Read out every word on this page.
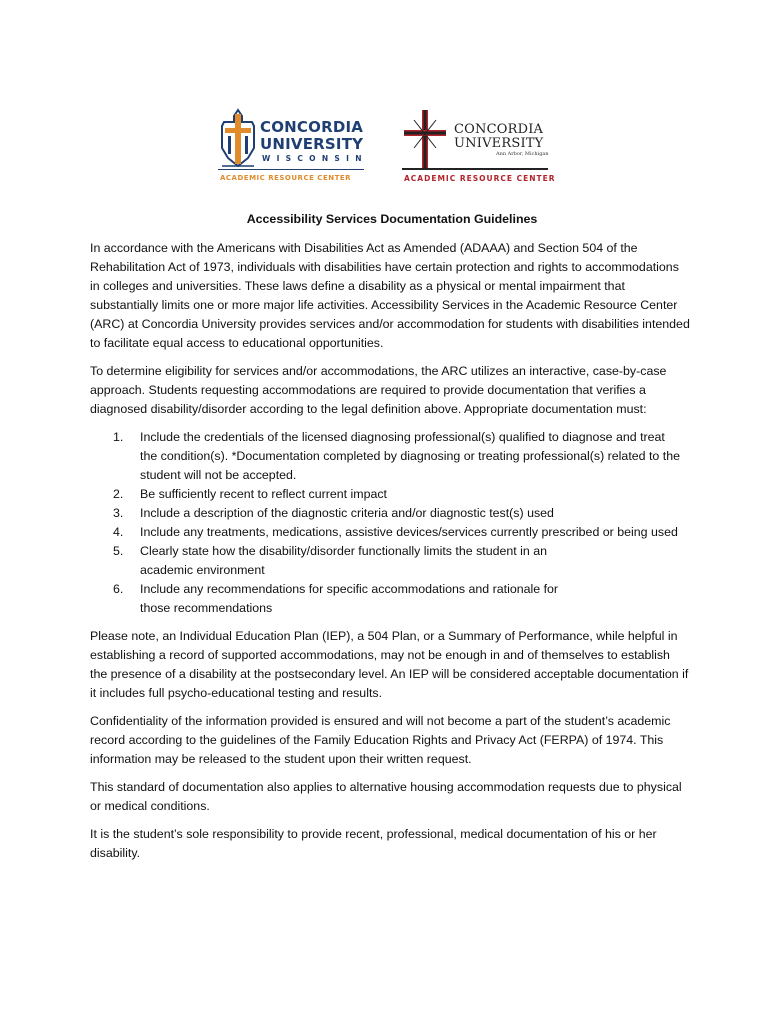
CONCORDIA
UNIVERSITY
WISCONSIN
ACADEMIC RESOURCE CENTER
CONCORDIA
UNIVERSITY
Ann Arbor, Michigan
ACADEMIC RESOURCE CENTER
Accessibility Services Documentation Guidelines

In accordance with the Americans with Disabilities Act as Amended (ADAAA) and Section 504 of the Rehabilitation Act of 1973, individuals with disabilities have certain protection and rights to accommodations in colleges and universities. These laws define a disability as a physical or mental impairment that substantially limits one or more major life activities. Accessibility Services in the Academic Resource Center (ARC) at Concordia University provides services and/or accommodation for students with disabilities intended to facilitate equal access to educational opportunities.

To determine eligibility for services and/or accommodations, the ARC utilizes an interactive, case-by-case approach. Students requesting accommodations are required to provide documentation that verifies a diagnosed disability/disorder according to the legal definition above. Appropriate documentation must:

1. Include the credentials of the licensed diagnosing professional(s) qualified to diagnose and treat the condition(s). *Documentation completed by diagnosing or treating professional(s) related to the student will not be accepted.
2. Be sufficiently recent to reflect current impact
3. Include a description of the diagnostic criteria and/or diagnostic test(s) used
4. Include any treatments, medications, assistive devices/services currently prescribed or being used
5. Clearly state how the disability/disorder functionally limits the student in an academic environment
6. Include any recommendations for specific accommodations and rationale for those recommendations

Please note, an Individual Education Plan (IEP), a 504 Plan, or a Summary of Performance, while helpful in establishing a record of supported accommodations, may not be enough in and of themselves to establish the presence of a disability at the postsecondary level. An IEP will be considered acceptable documentation if it includes full psycho-educational testing and results.

Confidentiality of the information provided is ensured and will not become a part of the student’s academic record according to the guidelines of the Family Education Rights and Privacy Act (FERPA) of 1974. This information may be released to the student upon their written request.

This standard of documentation also applies to alternative housing accommodation requests due to physical or medical conditions.

It is the student’s sole responsibility to provide recent, professional, medical documentation of his or her disability.
